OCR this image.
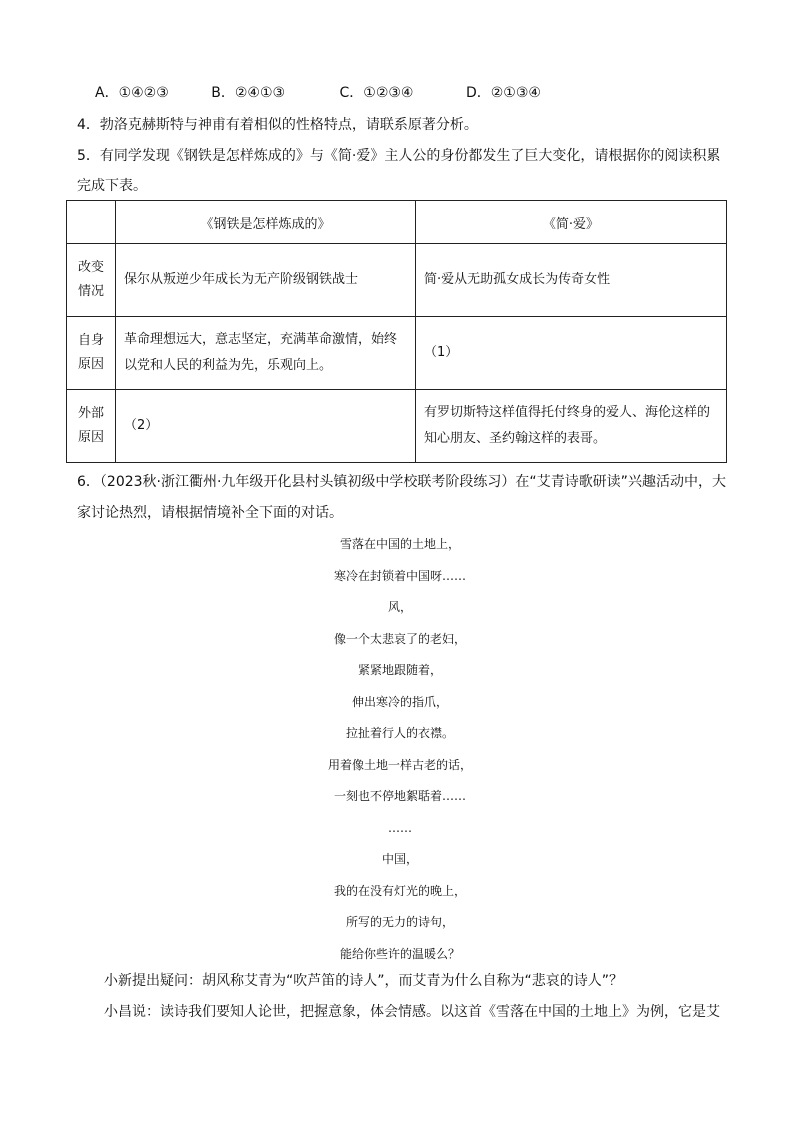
A．①④②③	B．②④①③	C．①②③④	D．②①③④
4．勃洛克赫斯特与神甫有着相似的性格特点，请联系原著分析。
5．有同学发现《钢铁是怎样炼成的》与《简·爱》主人公的身份都发生了巨大变化，请根据你的阅读积累
完成下表。
	《钢铁是怎样炼成的》	《简·爱》

改变
情况	保尔从叛逆少年成长为无产阶级钢铁战士	简·爱从无助孤女成长为传奇女性

自身
原因	革命理想远大，意志坚定，充满革命激情，始终以党和人民的利益为先，乐观向上。	（1）

外部
原因	（2）	有罗切斯特这样值得托付终身的爱人、海伦这样的知心朋友、圣约翰这样的表哥。
6．（2023秋·浙江衢州·九年级开化县村头镇初级中学校联考阶段练习）在“艾青诗歌研读”兴趣活动中，大
家讨论热烈，请根据情境补全下面的对话。
雪落在中国的土地上，
寒冷在封锁着中国呀……
风，
像一个太悲哀了的老妇，
紧紧地跟随着，
伸出寒冷的指爪，
拉扯着行人的衣襟。
用着像土地一样古老的话，
一刻也不停地絮聒着……
……
中国，
我的在没有灯光的晚上，
所写的无力的诗句，
能给你些许的温暖么？
小新提出疑问：胡风称艾青为“吹芦笛的诗人”，而艾青为什么自称为“悲哀的诗人”？
小昌说：读诗我们要知人论世，把握意象，体会情感。以这首《雪落在中国的土地上》为例，它是艾
